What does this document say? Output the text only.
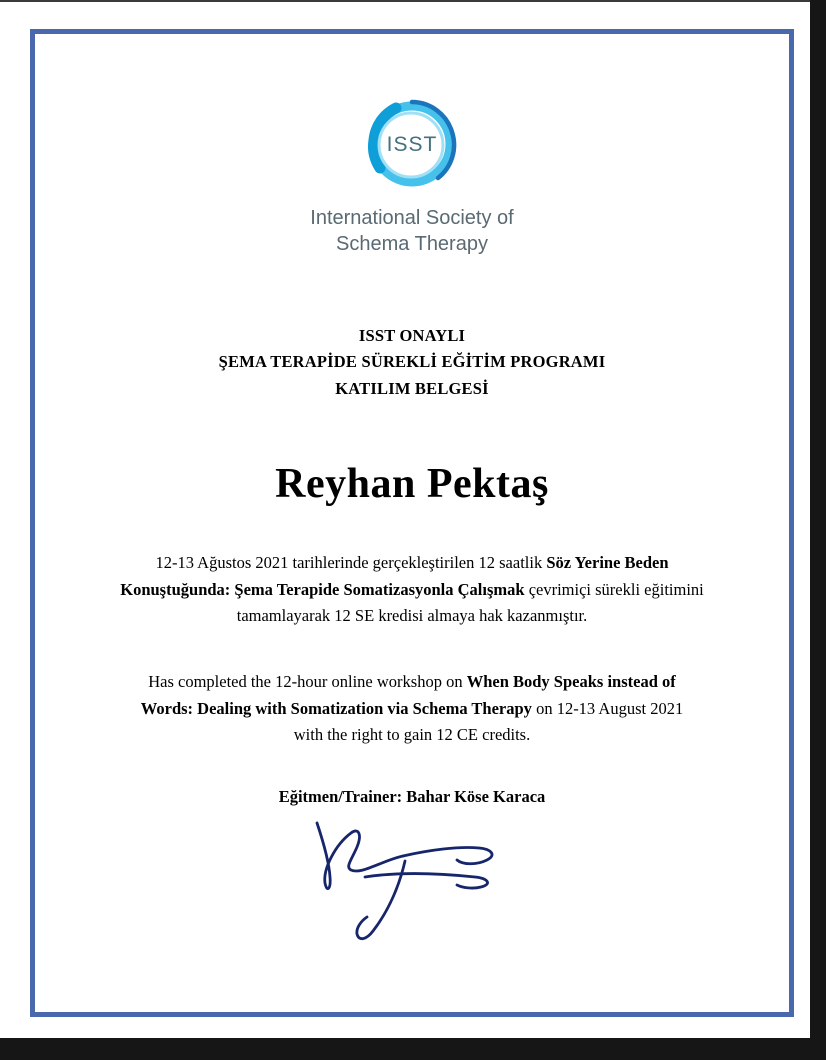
ISST
International Society of
Schema Therapy
ISST ONAYLI
ŞEMA TERAPİDE SÜREKLİ EĞİTİM PROGRAMI
KATILIM BELGESİ
Reyhan Pektaş

12-13 Ağustos 2021 tarihlerinde gerçekleştirilen 12 saatlik Söz Yerine Beden Konuştuğunda: Şema Terapide Somatizasyonla Çalışmak çevrimiçi sürekli eğitimini tamamlayarak 12 SE kredisi almaya hak kazanmıştır.

Has completed the 12-hour online workshop on When Body Speaks instead of Words: Dealing with Somatization via Schema Therapy on 12-13 August 2021 with the right to gain 12 CE credits.

Eğitmen/Trainer: Bahar Köse Karaca
